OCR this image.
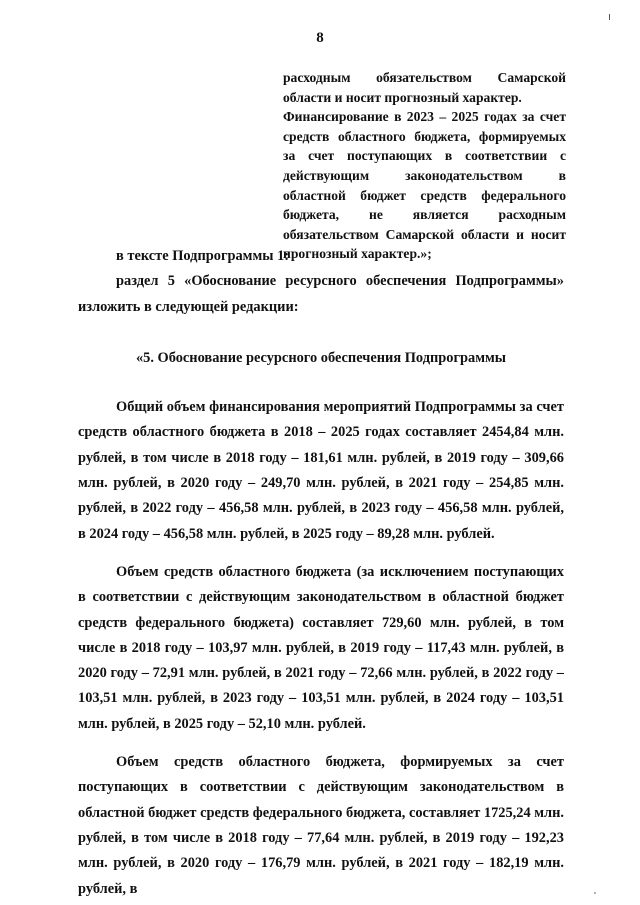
8

расходным обязательством Самарской области и носит прогнозный характер.

Финансирование в 2023 – 2025 годах за счет средств областного бюджета, формируемых за счет поступающих в соответствии с действующим законодательством в областной бюджет средств федерального бюджета, не является расходным обязательством Самарской области и носит прогнозный характер.»;

в тексте Подпрограммы 1:

раздел 5 «Обоснование ресурсного обеспечения Подпрограммы» изложить в следующей редакции:

«5. Обоснование ресурсного обеспечения Подпрограммы

Общий объем финансирования мероприятий Подпрограммы за счет средств областного бюджета в 2018 – 2025 годах составляет 2454,84 млн. рублей, в том числе в 2018 году – 181,61 млн. рублей, в 2019 году – 309,66 млн. рублей, в 2020 году – 249,70 млн. рублей, в 2021 году – 254,85 млн. рублей, в 2022 году – 456,58 млн. рублей, в 2023 году – 456,58 млн. рублей, в 2024 году – 456,58 млн. рублей, в 2025 году – 89,28 млн. рублей.

Объем средств областного бюджета (за исключением поступающих в соответствии с действующим законодательством в областной бюджет средств федерального бюджета) составляет 729,60 млн. рублей, в том числе в 2018 году – 103,97 млн. рублей, в 2019 году – 117,43 млн. рублей, в 2020 году – 72,91 млн. рублей, в 2021 году – 72,66 млн. рублей, в 2022 году – 103,51 млн. рублей, в 2023 году – 103,51 млн. рублей, в 2024 году – 103,51 млн. рублей, в 2025 году – 52,10 млн. рублей.

Объем средств областного бюджета, формируемых за счет поступающих в соответствии с действующим законодательством в областной бюджет средств федерального бюджета, составляет 1725,24 млн. рублей, в том числе в 2018 году – 77,64 млн. рублей, в 2019 году – 192,23 млн. рублей, в 2020 году – 176,79 млн. рублей, в 2021 году – 182,19 млн. рублей, в
